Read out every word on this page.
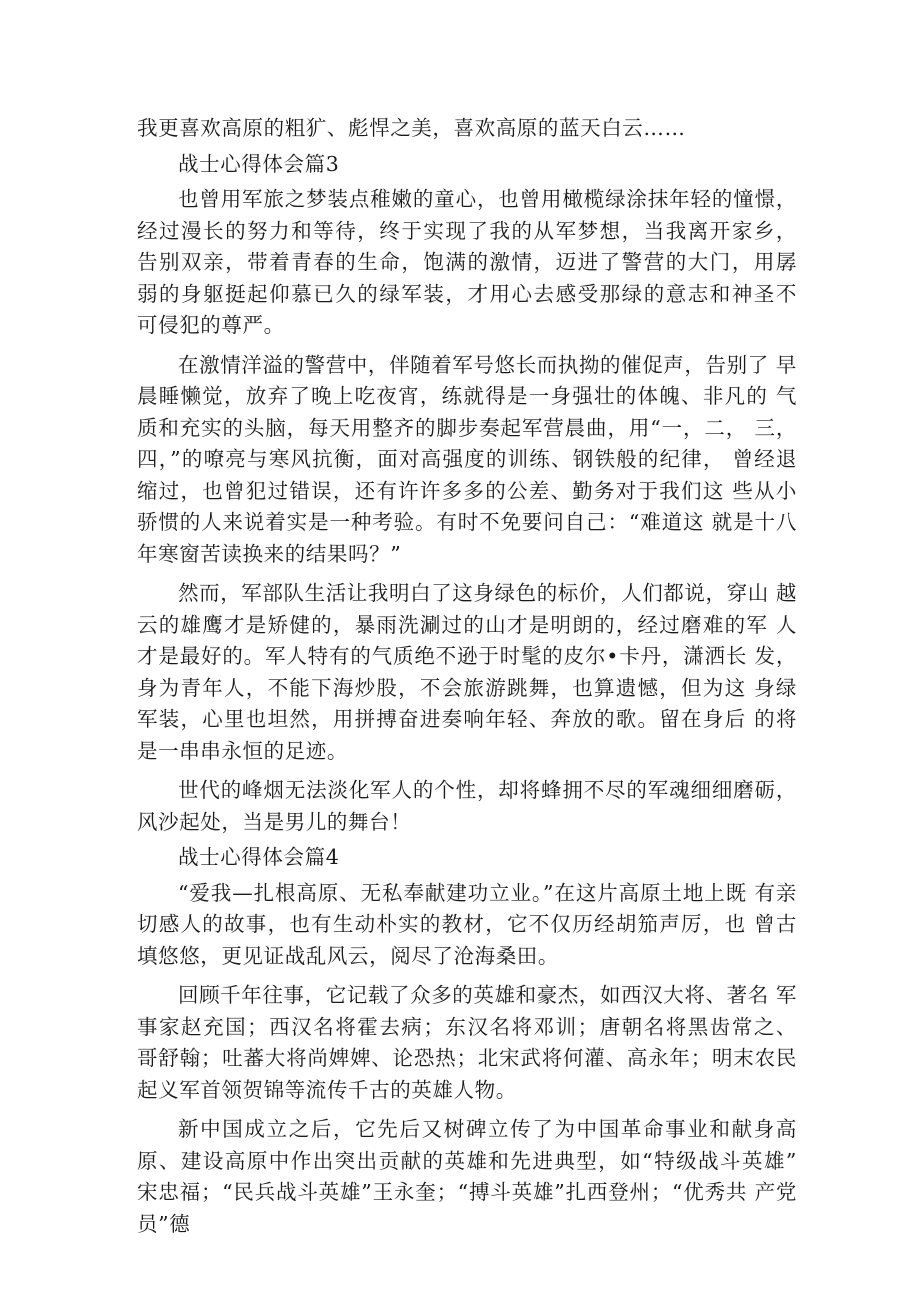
我更喜欢高原的粗犷、彪悍之美，喜欢高原的蓝天白云……

战士心得体会篇3

也曾用军旅之梦装点稚嫩的童心，也曾用橄榄绿涂抹年轻的憧憬， 经过漫长的努力和等待，终于实现了我的从军梦想，当我离开家乡， 告别双亲，带着青春的生命，饱满的激情，迈进了警营的大门，用孱 弱的身躯挺起仰慕已久的绿军装，才用心去感受那绿的意志和神圣不 可侵犯的尊严。

在激情洋溢的警营中，伴随着军号悠长而执拗的催促声，告别了 早晨睡懒觉，放弃了晚上吃夜宵，练就得是一身强壮的体魄、非凡的 气质和充实的头脑，每天用整齐的脚步奏起军营晨曲，用“一，二， 三，四，”的嘹亮与寒风抗衡，面对高强度的训练、钢铁般的纪律， 曾经退缩过，也曾犯过错误，还有许许多多的公差、勤务对于我们这 些从小骄惯的人来说着实是一种考验。有时不免要问自己：“难道这 就是十八年寒窗苦读换来的结果吗？”

然而，军部队生活让我明白了这身绿色的标价，人们都说，穿山 越云的雄鹰才是矫健的，暴雨洗涮过的山才是明朗的，经过磨难的军 人才是最好的。军人特有的气质绝不逊于时髦的皮尔•卡丹，潇洒长 发，身为青年人，不能下海炒股，不会旅游跳舞，也算遗憾，但为这 身绿军装，心里也坦然，用拼搏奋进奏响年轻、奔放的歌。留在身后 的将是一串串永恒的足迹。

世代的峰烟无法淡化军人的个性，却将蜂拥不尽的军魂细细磨砺， 风沙起处，当是男儿的舞台！

战士心得体会篇4

“爱我—扎根高原、无私奉献建功立业。”在这片高原土地上既 有亲切感人的故事，也有生动朴实的教材，它不仅历经胡笳声厉，也 曾古填悠悠，更见证战乱风云，阅尽了沧海桑田。

回顾千年往事，它记载了众多的英雄和豪杰，如西汉大将、著名 军事家赵充国；西汉名将霍去病；东汉名将邓训；唐朝名将黑齿常之、 哥舒翰；吐蕃大将尚婢婢、论恐热；北宋武将何灌、高永年；明末农民 起义军首领贺锦等流传千古的英雄人物。

新中国成立之后，它先后又树碑立传了为中国革命事业和献身高 原、建设高原中作出突出贡献的英雄和先进典型，如“特级战斗英雄” 宋忠福；“民兵战斗英雄”王永奎；“搏斗英雄”扎西登州；“优秀共 产党员”德
